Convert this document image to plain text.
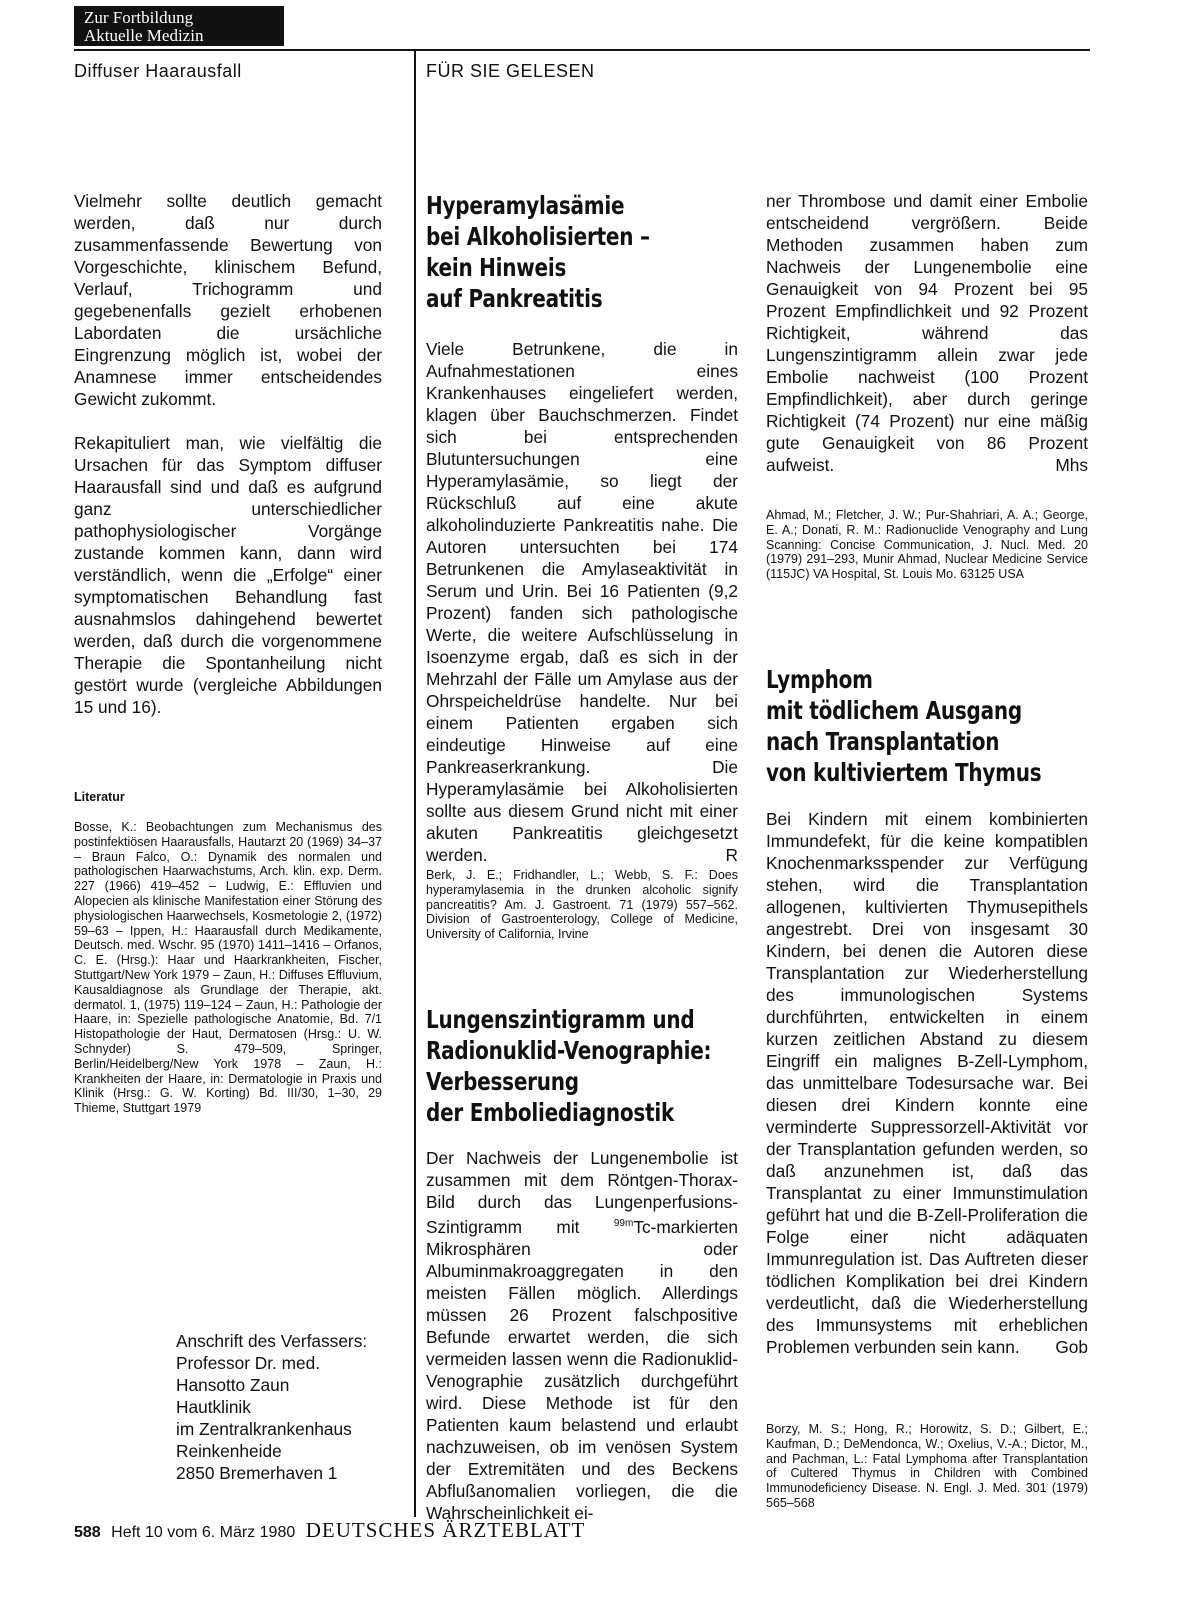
Zur Fortbildung
Aktuelle Medizin
Diffuser Haarausfall

Vielmehr sollte deutlich gemacht werden, daß nur durch zusammenfassende Bewertung von Vorgeschichte, klinischem Befund, Verlauf, Trichogramm und gegebenenfalls gezielt erhobenen Labordaten die ursächliche Eingrenzung möglich ist, wobei der Anamnese immer entscheidendes Gewicht zukommt.

Rekapituliert man, wie vielfältig die Ursachen für das Symptom diffuser Haarausfall sind und daß es aufgrund ganz unterschiedlicher pathophysiologischer Vorgänge zustande kommen kann, dann wird verständlich, wenn die „Erfolge“ einer symptomatischen Behandlung fast ausnahmslos dahingehend bewertet werden, daß durch die vorgenommene Therapie die Spontanheilung nicht gestört wurde (vergleiche Abbildungen 15 und 16).

Literatur
Bosse, K.: Beobachtungen zum Mechanismus des postinfektiösen Haarausfalls, Hautarzt 20 (1969) 34–37 – Braun Falco, O.: Dynamik des normalen und pathologischen Haarwachstums, Arch. klin. exp. Derm. 227 (1966) 419–452 – Ludwig, E.: Effluvien und Alopecien als klinische Manifestation einer Störung des physiologischen Haarwechsels, Kosmetologie 2, (1972) 59–63 – Ippen, H.: Haarausfall durch Medikamente, Deutsch. med. Wschr. 95 (1970) 1411–1416 – Orfanos, C. E. (Hrsg.): Haar und Haarkrankheiten, Fischer, Stuttgart/New York 1979 – Zaun, H.: Diffuses Effluvium, Kausaldiagnose als Grundlage der Therapie, akt. dermatol. 1, (1975) 119–124 – Zaun, H.: Pathologie der Haare, in: Spezielle pathologische Anatomie, Bd. 7/1 Histopathologie der Haut, Dermatosen (Hrsg.: U. W. Schnyder) S. 479–509, Springer, Berlin/Heidelberg/New York 1978 – Zaun, H.: Krankheiten der Haare, in: Dermatologie in Praxis und Klinik (Hrsg.: G. W. Korting) Bd. III/30, 1–30, 29 Thieme, Stuttgart 1979
Anschrift des Verfassers:
Professor Dr. med.
Hansotto Zaun
Hautklinik
im Zentralkrankenhaus
Reinkenheide
2850 Bremerhaven 1
FÜR SIE GELESEN
Hyperamylasämie
bei Alkoholisierten –
kein Hinweis
auf Pankreatitis

Viele Betrunkene, die in Aufnahmestationen eines Krankenhauses eingeliefert werden, klagen über Bauchschmerzen. Findet sich bei entsprechenden Blutuntersuchungen eine Hyperamylasämie, so liegt der Rückschluß auf eine akute alkoholinduzierte Pankreatitis nahe. Die Autoren untersuchten bei 174 Betrunkenen die Amylaseaktivität in Serum und Urin. Bei 16 Patienten (9,2 Prozent) fanden sich pathologische Werte, die weitere Aufschlüsselung in Isoenzyme ergab, daß es sich in der Mehrzahl der Fälle um Amylase aus der Ohrspeicheldrüse handelte. Nur bei einem Patienten ergaben sich eindeutige Hinweise auf eine Pankreaserkrankung. Die Hyperamylasämie bei Alkoholisierten sollte aus diesem Grund nicht mit einer akuten Pankreatitis gleichgesetzt werden.	R

Berk, J. E.; Fridhandler, L.; Webb, S. F.: Does hyperamylasemia in the drunken alcoholic signify pancreatitis? Am. J. Gastroent. 71 (1979) 557–562. Division of Gastroenterology, College of Medicine, University of California, Irvine
Lungenszintigramm und
Radionuklid-Venographie:
Verbesserung
der Emboliediagnostik

Der Nachweis der Lungenembolie ist zusammen mit dem Röntgen-Thorax-Bild durch das Lungenperfusions-Szintigramm mit $^{99m}$Tc-markierten Mikrosphären oder Albuminmakroaggregaten in den meisten Fällen möglich. Allerdings müssen 26 Prozent falschpositive Befunde erwartet werden, die sich vermeiden lassen wenn die Radionuklid-Venographie zusätzlich durchgeführt wird. Diese Methode ist für den Patienten kaum belastend und erlaubt nachzuweisen, ob im venösen System der Extremitäten und des Beckens Abflußanomalien vorliegen, die die Wahrscheinlichkeit ei-

ner Thrombose und damit einer Embolie entscheidend vergrößern. Beide Methoden zusammen haben zum Nachweis der Lungenembolie eine Genauigkeit von 94 Prozent bei 95 Prozent Empfindlichkeit und 92 Prozent Richtigkeit, während das Lungenszintigramm allein zwar jede Embolie nachweist (100 Prozent Empfindlichkeit), aber durch geringe Richtigkeit (74 Prozent) nur eine mäßig gute Genauigkeit von 86 Prozent aufweist.	Mhs

Ahmad, M.; Fletcher, J. W.; Pur-Shahriari, A. A.; George, E. A.; Donati, R. M.: Radionuclide Venography and Lung Scanning: Concise Communication, J. Nucl. Med. 20 (1979) 291–293, Munir Ahmad, Nuclear Medicine Service (115JC) VA Hospital, St. Louis Mo. 63125 USA
Lymphom
mit tödlichem Ausgang
nach Transplantation
von kultiviertem Thymus

Bei Kindern mit einem kombinierten Immundefekt, für die keine kompatiblen Knochenmarksspender zur Verfügung stehen, wird die Transplantation allogenen, kultivierten Thymusepithels angestrebt. Drei von insgesamt 30 Kindern, bei denen die Autoren diese Transplantation zur Wiederherstellung des immunologischen Systems durchführten, entwickelten in einem kurzen zeitlichen Abstand zu diesem Eingriff ein malignes B-Zell-Lymphom, das unmittelbare Todesursache war. Bei diesen drei Kindern konnte eine verminderte Suppressorzell-Aktivität vor der Transplantation gefunden werden, so daß anzunehmen ist, daß das Transplantat zu einer Immunstimulation geführt hat und die B-Zell-Proliferation die Folge einer nicht adäquaten Immunregulation ist. Das Auftreten dieser tödlichen Komplikation bei drei Kindern verdeutlicht, daß die Wiederherstellung des Immunsystems mit erheblichen Problemen verbunden sein kann. Gob

Borzy, M. S.; Hong, R.; Horowitz, S. D.; Gilbert, E.; Kaufman, D.; DeMendonca, W.; Oxelius, V.-A.; Dictor, M., and Pachman, L.: Fatal Lymphoma after Transplantation of Cultered Thymus in Children with Combined Immunodeficiency Disease. N. Engl. J. Med. 301 (1979) 565–568
588 Heft 10 vom 6. März 1980 DEUTSCHES ÄRZTEBLATT
